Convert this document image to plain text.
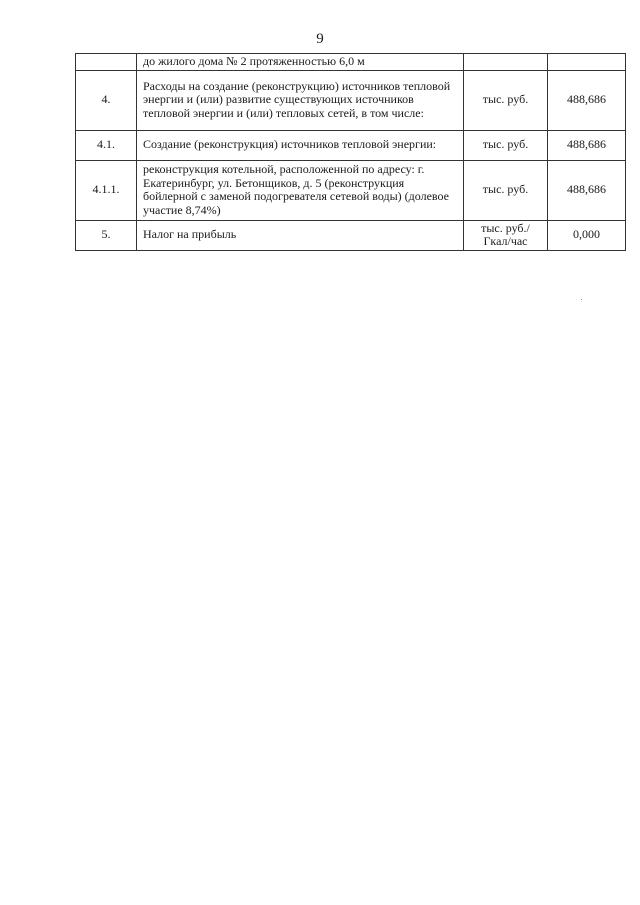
9
	до жилого дома № 2 протяженностью 6,0 м		
4.	Расходы на создание (реконструкцию) источников тепловой энергии и (или) развитие существующих источников тепловой энергии и (или) тепловых сетей, в том числе:	тыс. руб.	488,686
4.1.	Создание (реконструкция) источников тепловой энергии:	тыс. руб.	488,686
4.1.1.	реконструкция котельной, расположенной по адресу: г. Екатеринбург, ул. Бетонщиков, д. 5 (реконструкция бойлерной с заменой подогревателя сетевой воды) (долевое участие 8,74%)	тыс. руб.	488,686
5.	Налог на прибыль	тыс. руб./ Гкал/час	0,000
